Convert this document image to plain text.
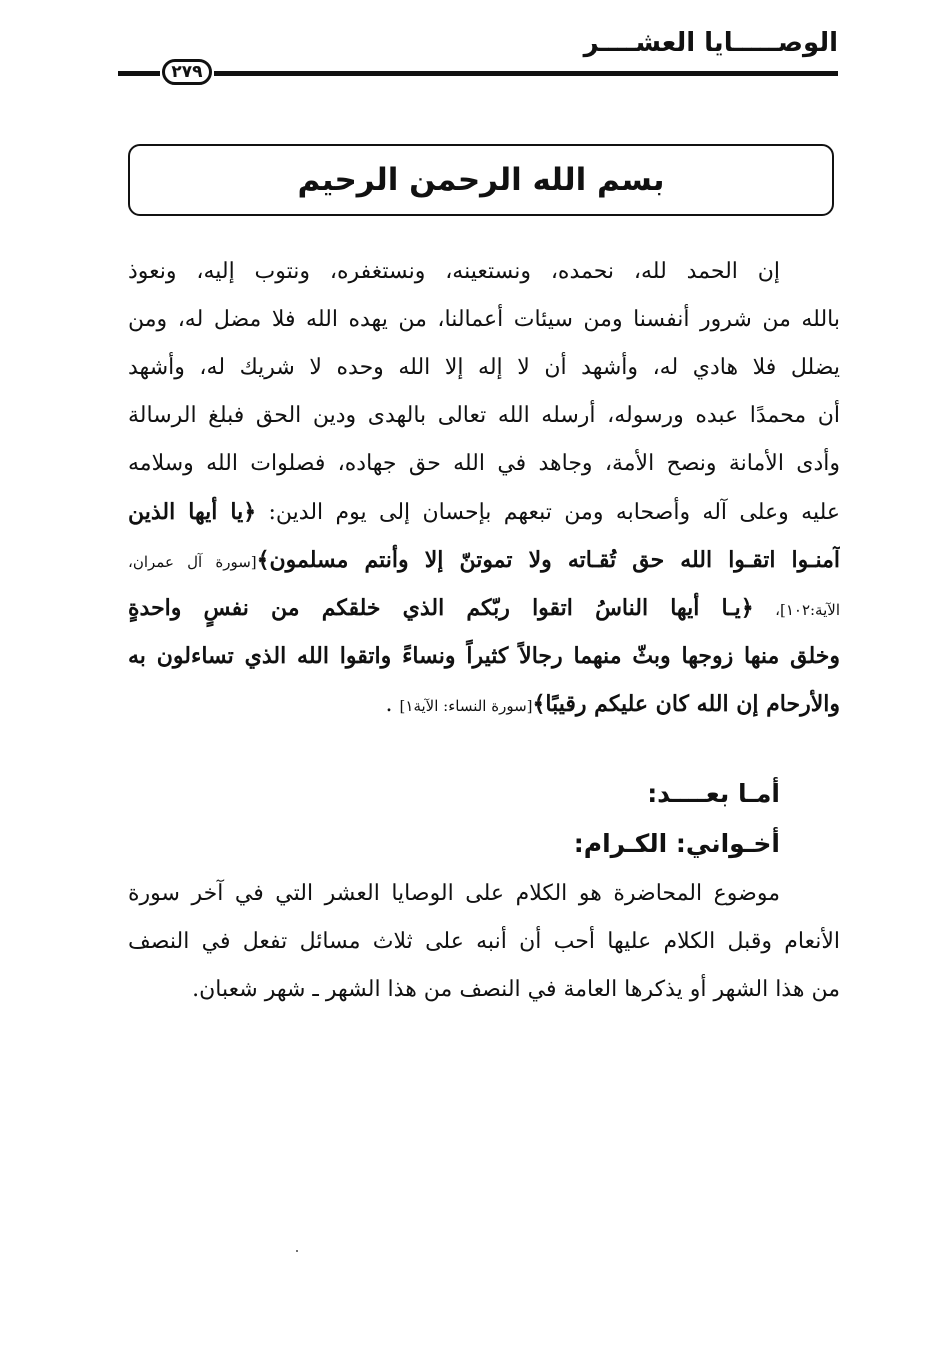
الوصـــــايا العشــــر
٢٧٩
بسم الله الرحمن الرحيم
إن الحمد لله، نحمده، ونستعينه، ونستغفره، ونتوب إليه، ونعوذ
بالله من شرور أنفسنا ومن سيئات أعمالنا، من يهده الله فلا مضل له، ومن
يضلل فلا هادي له، وأشهد أن لا إله إلا الله وحده لا شريك له، وأشهد
أن محمدًا عبده ورسوله، أرسله الله تعالى بالهدى ودين الحق فبلغ الرسالة
وأدى الأمانة ونصح الأمة، وجاهد في الله حق جهاده، فصلوات الله وسلامه
عليه وعلى آله وأصحابه ومن تبعهم بإحسان إلى يوم الدين: ﴿يا أيها الذين
آمنـوا اتقـوا الله حق تُقـاته ولا تموتنّ إلا وأنتم مسلمون﴾[سورة آل عمران،
الآية:١٠٢]، ﴿يـا أيها الناسُ اتقوا ربّكم الذي خلقكم من نفسٍ واحدةٍ
وخلق منها زوجها وبثّ منهما رجالاً كثيراً ونساءً واتقوا الله الذي تساءلون به
والأرحام إن الله كان عليكم رقيبًا﴾[سورة النساء: الآية١] .
أمـا بعــــد:
أخـواني: الكـرام:
موضوع المحاضرة هو الكلام على الوصايا العشر التي في آخر سورة
الأنعام وقبل الكلام عليها أحب أن أنبه على ثلاث مسائل تفعل في النصف
من هذا الشهر أو يذكرها العامة في النصف من هذا الشهر ـ شهر شعبان.
